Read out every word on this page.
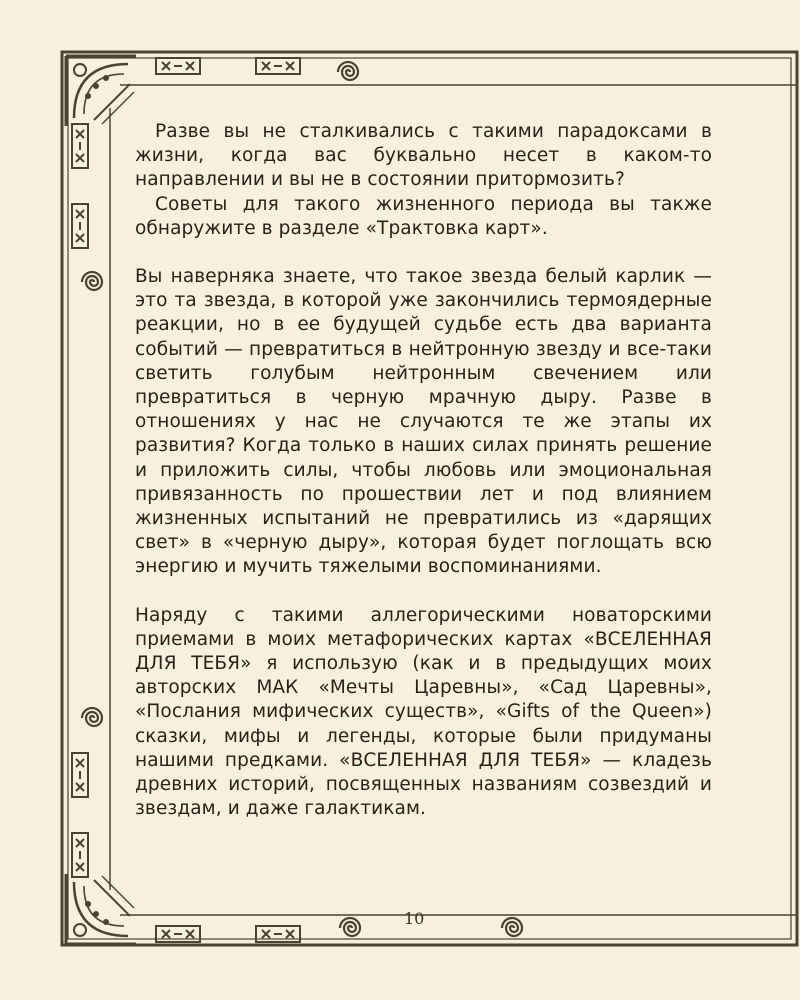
Разве вы не сталкивались с такими парадоксами в жизни, когда вас буквально несет в каком-то направлении и вы не в состоянии притормозить?

Советы для такого жизненного периода вы также обнаружите в разделе «Трактовка карт».

Вы наверняка знаете, что такое звезда белый карлик — это та звезда, в которой уже закончились термоядерные реакции, но в ее будущей судьбе есть два варианта событий — превратиться в нейтронную звезду и все-таки светить голубым нейтронным свечением или превратиться в черную мрачную дыру. Разве в отношениях у нас не случаются те же этапы их развития? Когда только в наших силах принять решение и приложить силы, чтобы любовь или эмоциональная привязанность по прошествии лет и под влиянием жизненных испытаний не превратились из «дарящих свет» в «черную дыру», которая будет поглощать всю энергию и мучить тяжелыми воспоминаниями.

Наряду с такими аллегорическими новаторскими приемами в моих метафорических картах «ВСЕЛЕННАЯ ДЛЯ ТЕБЯ» я использую (как и в предыдущих моих авторских МАК «Мечты Царевны», «Сад Царевны», «Послания мифических существ», «Gifts of the Queen») сказки, мифы и легенды, которые были придуманы нашими предками. «ВСЕЛЕННАЯ ДЛЯ ТЕБЯ» — кладезь древних историй, посвященных названиям созвездий и звездам, и даже галактикам.

10
